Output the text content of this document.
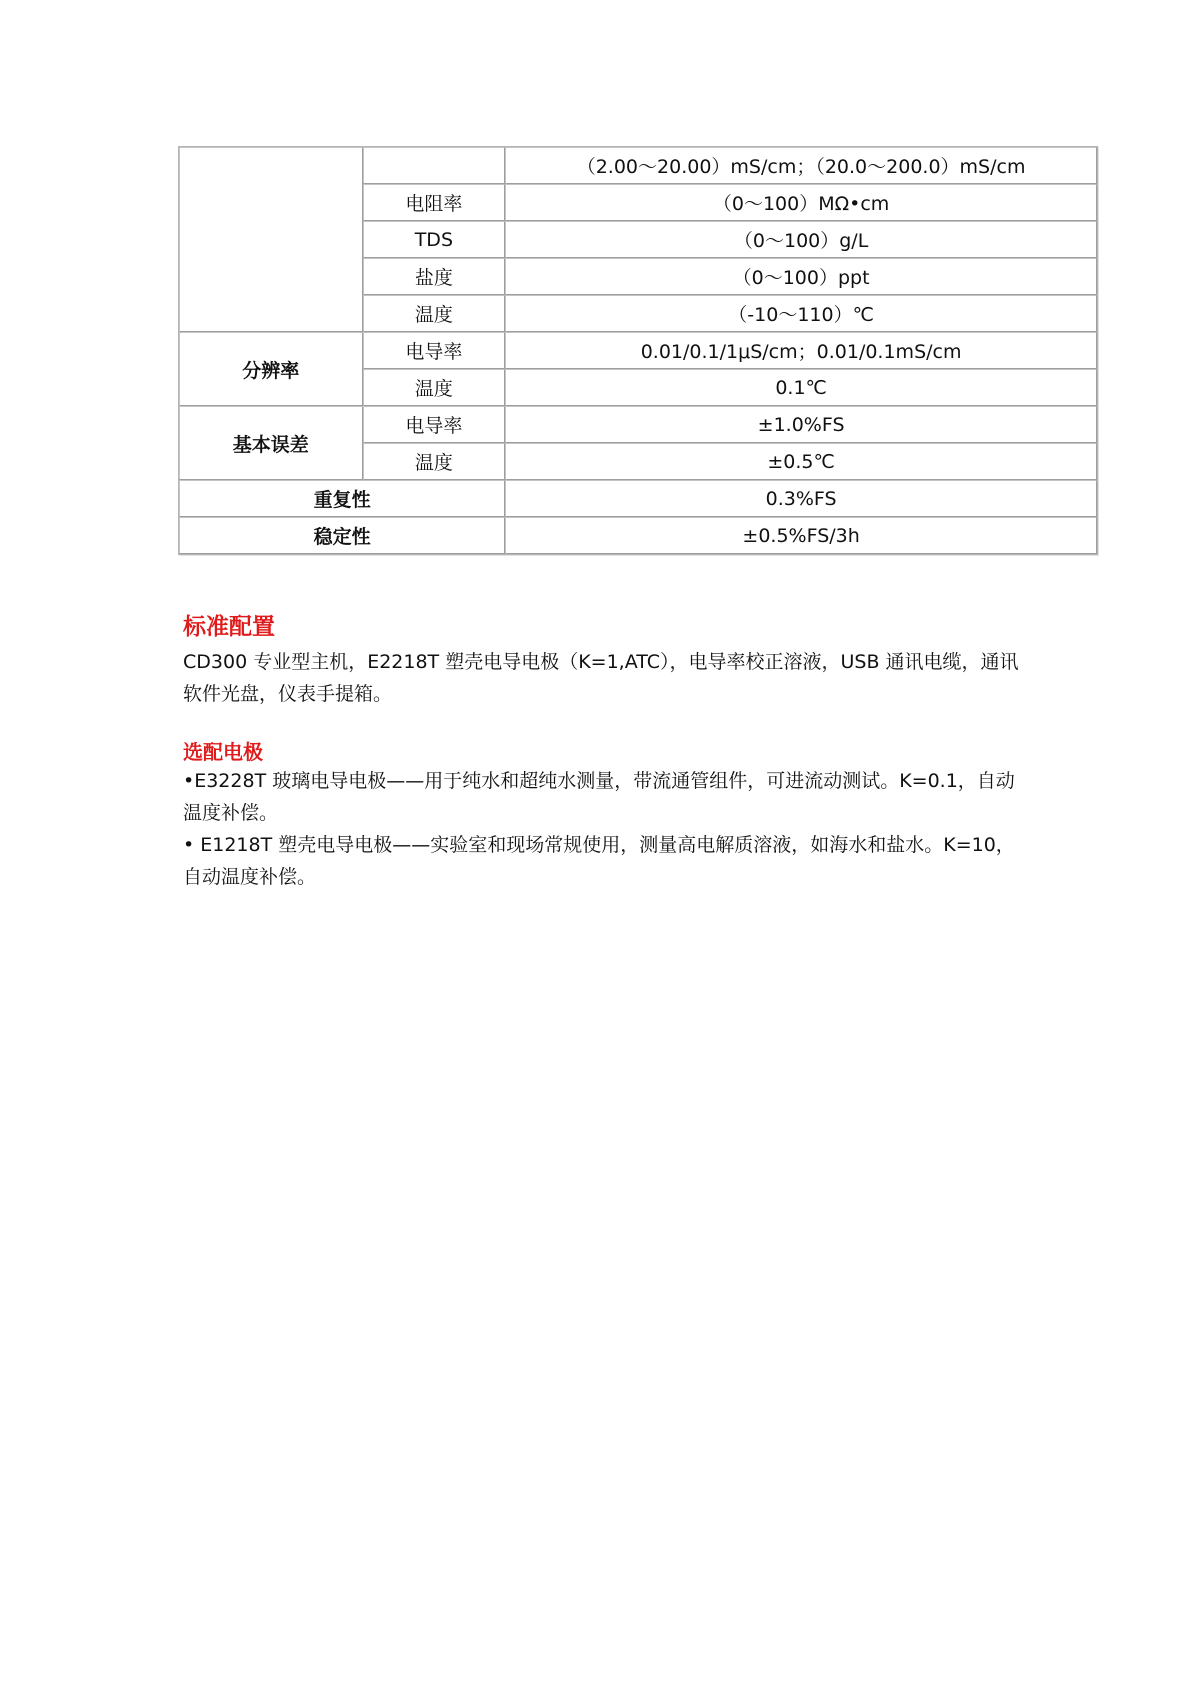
		（2.00～20.00）mS/cm；（20.0～200.0）mS/cm
	电阻率	（0～100）MΩ•cm
	TDS	（0～100）g/L
	盐度	（0～100）ppt
	温度	（-10～110）℃
分辨率	电导率	0.01/0.1/1μS/cm；0.01/0.1mS/cm
	温度	0.1℃
基本误差	电导率	±1.0%FS
	温度	±0.5℃
重复性		0.3%FS
稳定性		±0.5%FS/3h
标准配置

CD300 专业型主机，E2218T 塑壳电导电极（K=1,ATC），电导率校正溶液，USB 通讯电缆，通讯软件光盘，仪表手提箱。

选配电极

•E3228T 玻璃电导电极——用于纯水和超纯水测量，带流通管组件，可进流动测试。K=0.1，自动温度补偿。

• E1218T 塑壳电导电极——实验室和现场常规使用，测量高电解质溶液，如海水和盐水。K=10，自动温度补偿。
